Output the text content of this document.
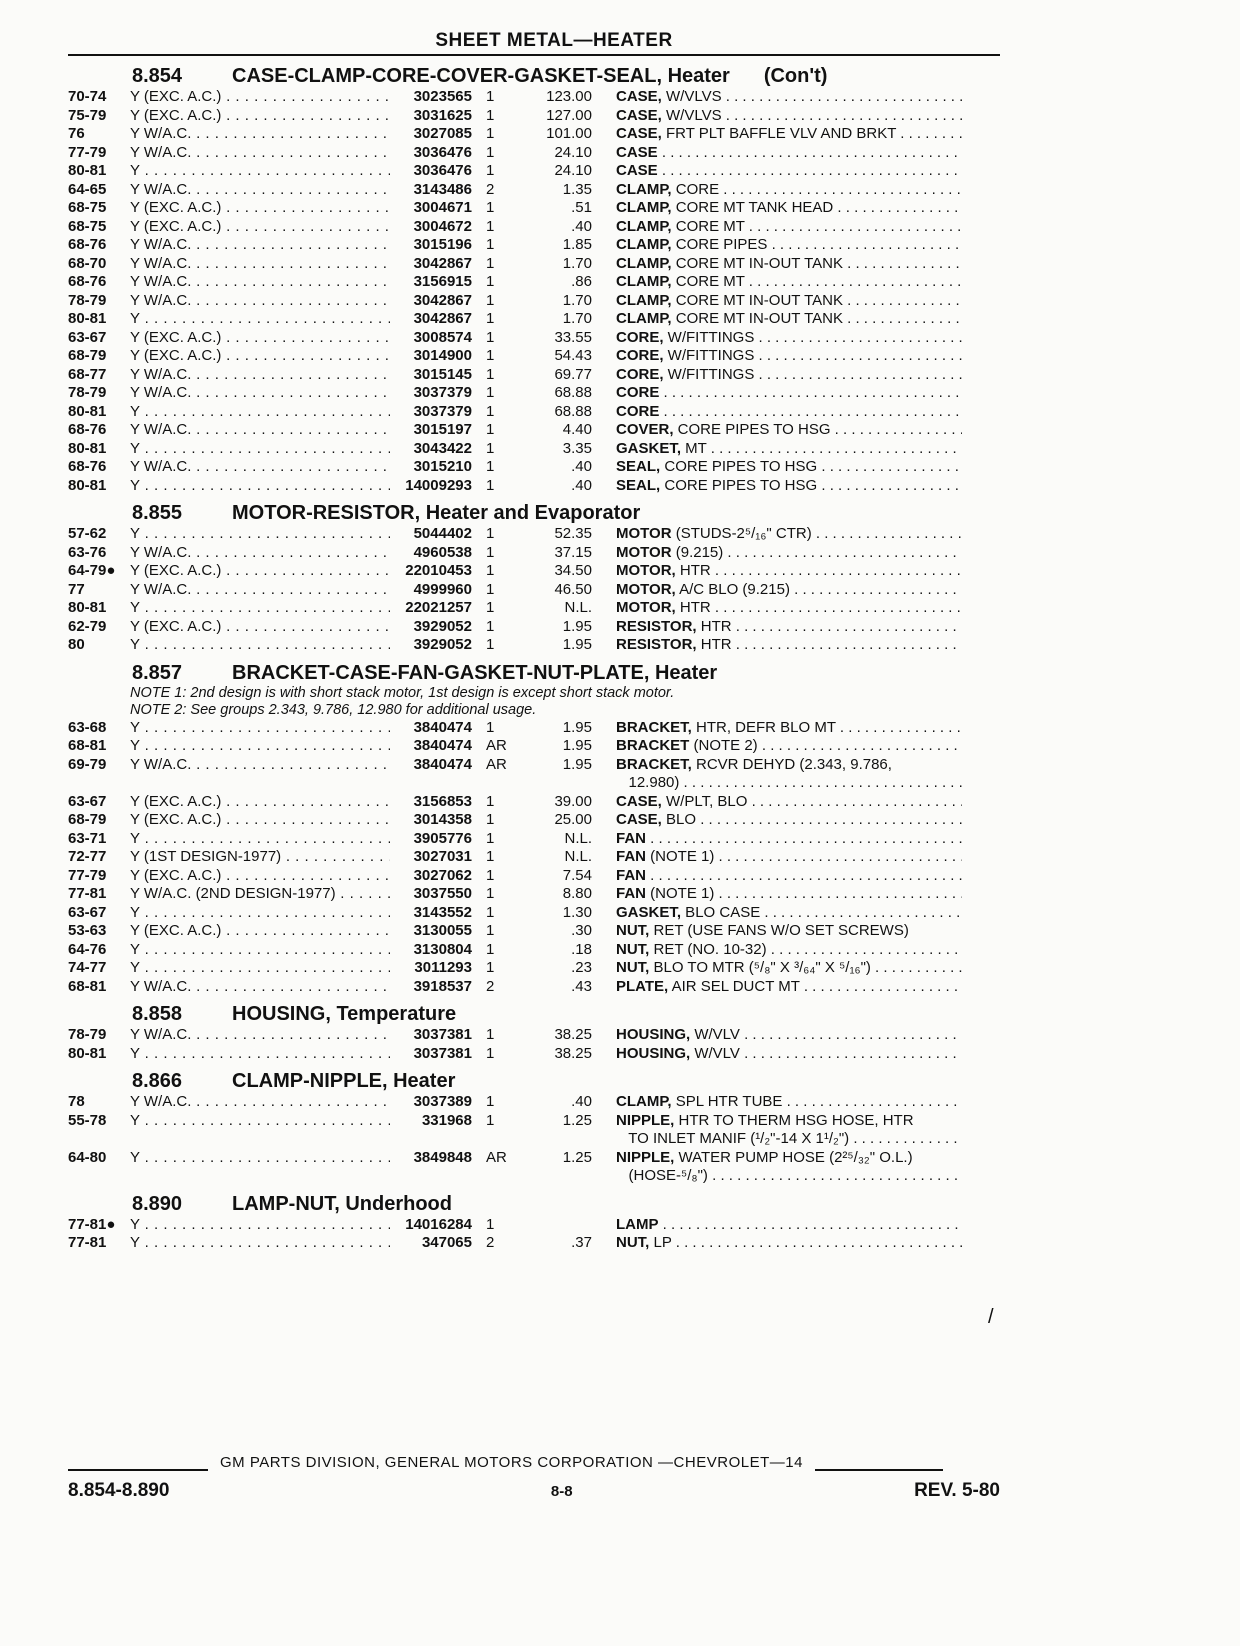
SHEET METAL—HEATER
8.854	CASE-CLAMP-CORE-COVER-GASKET-SEAL, Heater (Con't)
70-74	Y (EXC. A.C.) . . .	3023565 1	123.00 CASE, W/VLVS . . .
75-79	Y (EXC. A.C.) . . .	3031625 1	127.00 CASE, W/VLVS . . .
76	Y W/A.C. . . .	3027085 1	101.00 CASE, FRT PLT BAFFLE VLV AND BRKT . . .
77-79	Y W/A.C. . . .	3036476 1	24.10 CASE . . .
80-81	Y . . .	3036476 1	24.10 CASE . . .
64-65	Y W/A.C. . . .	3143486 2	1.35 CLAMP, CORE . . .
68-75	Y (EXC. A.C.) . . .	3004671 1	.51 CLAMP, CORE MT TANK HEAD . . .
68-75	Y (EXC. A.C.) . . .	3004672 1	.40 CLAMP, CORE MT . . .
68-76	Y W/A.C. . . .	3015196 1	1.85 CLAMP, CORE PIPES . . .
68-70	Y W/A.C. . . .	3042867 1	1.70 CLAMP, CORE MT IN-OUT TANK . . .
68-76	Y W/A.C. . . .	3156915 1	.86 CLAMP, CORE MT . . .
78-79	Y W/A.C. . . .	3042867 1	1.70 CLAMP, CORE MT IN-OUT TANK . . .
80-81	Y . . .	3042867 1	1.70 CLAMP, CORE MT IN-OUT TANK . . .
63-67	Y (EXC. A.C.) . . .	3008574 1	33.55 CORE, W/FITTINGS . . .
68-79	Y (EXC. A.C.) . . .	3014900 1	54.43 CORE, W/FITTINGS . . .
68-77	Y W/A.C. . . .	3015145 1	69.77 CORE, W/FITTINGS . . .
78-79	Y W/A.C. . . .	3037379 1	68.88 CORE . . .
80-81	Y . . .	3037379 1	68.88 CORE . . .
68-76	Y W/A.C. . . .	3015197 1	4.40 COVER, CORE PIPES TO HSG . . .
80-81	Y . . .	3043422 1	3.35 GASKET, MT . . .
68-76	Y W/A.C. . . .	3015210 1	.40 SEAL, CORE PIPES TO HSG . . .
80-81	Y . . .	14009293 1	.40 SEAL, CORE PIPES TO HSG . . .
8.855	MOTOR-RESISTOR, Heater and Evaporator
57-62	Y . . .	5044402 1	52.35 MOTOR (STUDS-2⁵/₁₆" CTR) . . .
63-76	Y W/A.C. . . .	4960538 1	37.15 MOTOR (9.215) . . .
64-79● Y (EXC. A.C.) . . .	22010453 1	34.50 MOTOR, HTR . . .
77	Y W/A.C. . . .	4999960 1	46.50 MOTOR, A/C BLO (9.215) . . .
80-81	Y . . .	22021257 1	N.L. MOTOR, HTR . . .
62-79	Y (EXC. A.C.) . . .	3929052 1	1.95 RESISTOR, HTR . . .
80	Y . . .	3929052 1	1.95 RESISTOR, HTR . . .
8.857	BRACKET-CASE-FAN-GASKET-NUT-PLATE, Heater
NOTE 1: 2nd design is with short stack motor, 1st design is except short stack motor.
NOTE 2: See groups 2.343, 9.786, 12.980 for additional usage.
63-68	Y . . .	3840474 1	1.95 BRACKET, HTR, DEFR BLO MT . . .
68-81	Y . . .	3840474 AR	1.95 BRACKET (NOTE 2) . . .
69-79	Y W/A.C. . . .	3840474 AR	1.95 BRACKET, RCVR DEHYD (2.343, 9.786,
12.980) . . .
63-67	Y (EXC. A.C.) . . .	3156853 1	39.00 CASE, W/PLT, BLO . . .
68-79	Y (EXC. A.C.) . . .	3014358 1	25.00 CASE, BLO . . .
63-71	Y . . .	3905776 1	N.L. FAN . . .
72-77	Y (1ST DESIGN-1977) . . .	3027031 1	N.L. FAN (NOTE 1) . . .
77-79	Y (EXC. A.C.) . . .	3027062 1	7.54 FAN . . .
77-81	Y W/A.C. (2ND DESIGN-1977) . . .	3037550 1	8.80 FAN (NOTE 1) . . .
63-67	Y . . .	3143552 1	1.30 GASKET, BLO CASE . . .
53-63	Y (EXC. A.C.) . . .	3130055 1	.30 NUT, RET (USE FANS W/O SET SCREWS)
64-76	Y . . .	3130804 1	.18 NUT, RET (NO. 10-32) . . .
74-77	Y . . .	3011293 1	.23 NUT, BLO TO MTR (⁵/₈" X ³/₆₄" X ⁵/₁₆") . . .
68-81	Y W/A.C. . . .	3918537 2	.43 PLATE, AIR SEL DUCT MT . . .
8.858	HOUSING, Temperature
78-79	Y W/A.C. . . .	3037381 1	38.25 HOUSING, W/VLV . . .
80-81	Y . . .	3037381 1	38.25 HOUSING, W/VLV . . .
8.866	CLAMP-NIPPLE, Heater
78	Y W/A.C. . . .	3037389 1	.40 CLAMP, SPL HTR TUBE . . .
55-78	Y . . .	331968 1	1.25 NIPPLE, HTR TO THERM HSG HOSE, HTR
TO INLET MANIF (¹/₂"-14 X 1¹/₂") . . .
64-80	Y . . .	3849848 AR	1.25 NIPPLE, WATER PUMP HOSE (2²⁵/₃₂" O.L.)
(HOSE-⁵/₈") . . .
8.890	LAMP-NUT, Underhood
77-81● Y . . .	14016284 1	LAMP . . .
77-81	Y . . .	347065 2	.37 NUT, LP . . .
GM PARTS DIVISION, GENERAL MOTORS CORPORATION —CHEVROLET—14
8.854-8.890	8-8	REV. 5-80
/
